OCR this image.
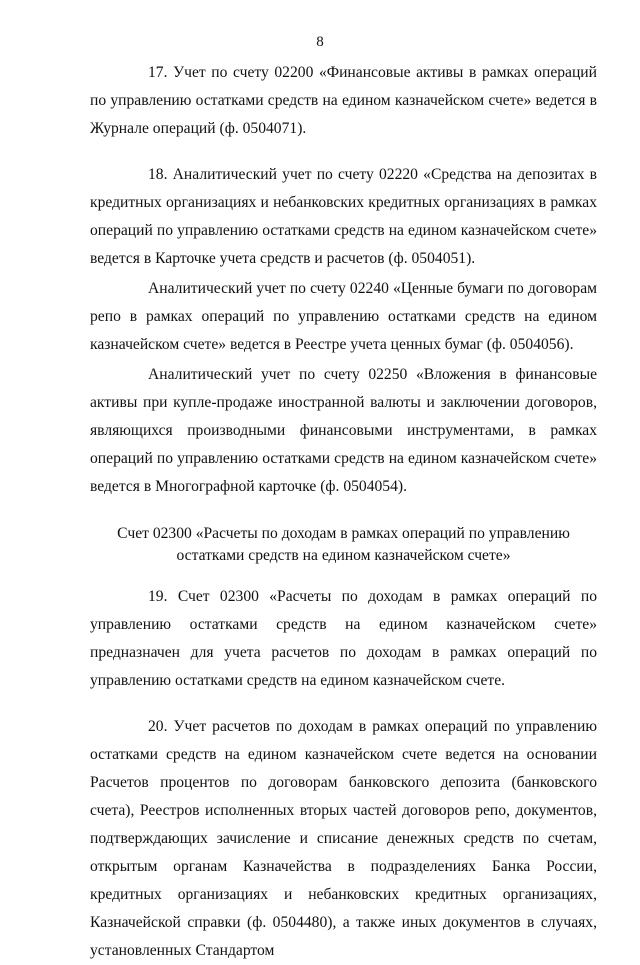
8

17. Учет по счету 02200 «Финансовые активы в рамках операций по управлению остатками средств на едином казначейском счете» ведется в Журнале операций (ф. 0504071).

18. Аналитический учет по счету 02220 «Средства на депозитах в кредитных организациях и небанковских кредитных организациях в рамках операций по управлению остатками средств на едином казначейском счете» ведется в Карточке учета средств и расчетов (ф. 0504051).

Аналитический учет по счету 02240 «Ценные бумаги по договорам репо в рамках операций по управлению остатками средств на едином казначейском счете» ведется в Реестре учета ценных бумаг (ф. 0504056).

Аналитический учет по счету 02250 «Вложения в финансовые активы при купле-продаже иностранной валюты и заключении договоров, являющихся производными финансовыми инструментами, в рамках операций по управлению остатками средств на едином казначейском счете» ведется в Многографной карточке (ф. 0504054).

Счет 02300 «Расчеты по доходам в рамках операций по управлению
остатками средств на едином казначейском счете»

19. Счет 02300 «Расчеты по доходам в рамках операций по управлению остатками средств на едином казначейском счете» предназначен для учета расчетов по доходам в рамках операций по управлению остатками средств на едином казначейском счете.

20. Учет расчетов по доходам в рамках операций по управлению остатками средств на едином казначейском счете ведется на основании Расчетов процентов по договорам банковского депозита (банковского счета), Реестров исполненных вторых частей договоров репо, документов, подтверждающих зачисление и списание денежных средств по счетам, открытым органам Казначейства в подразделениях Банка России, кредитных организациях и небанковских кредитных организациях, Казначейской справки (ф. 0504480), а также иных документов в случаях, установленных Стандартом
